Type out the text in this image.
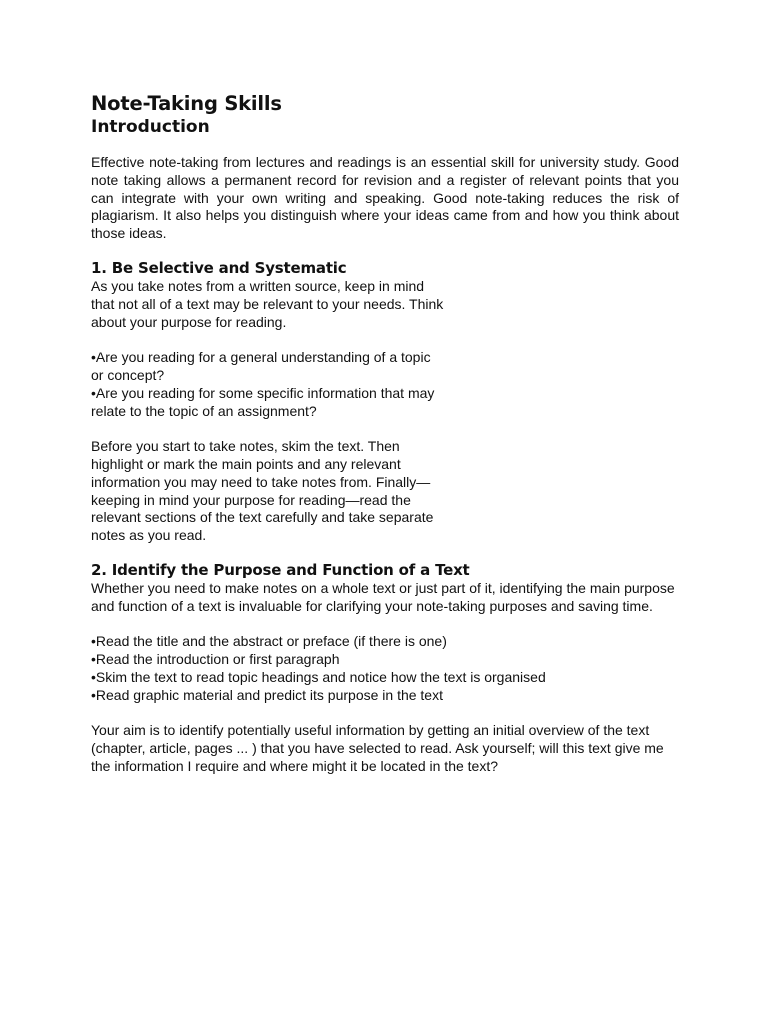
Note-Taking Skills
Introduction

Effective note-taking from lectures and readings is an essential skill for university study. Good note taking allows a permanent record for revision and a register of relevant points that you can integrate with your own writing and speaking. Good note-taking reduces the risk of plagiarism. It also helps you distinguish where your ideas came from and how you think about those ideas.

1. Be Selective and Systematic

As you take notes from a written source, keep in mind

that not all of a text may be relevant to your needs. Think

about your purpose for reading.

•Are you reading for a general understanding of a topic

or concept?

•Are you reading for some specific information that may

relate to the topic of an assignment?

Before you start to take notes, skim the text. Then

highlight or mark the main points and any relevant

information you may need to take notes from. Finally—

keeping in mind your purpose for reading—read the

relevant sections of the text carefully and take separate

notes as you read.

2. Identify the Purpose and Function of a Text

Whether you need to make notes on a whole text or just part of it, identifying the main purpose and function of a text is invaluable for clarifying your note-taking purposes and saving time.

•Read the title and the abstract or preface (if there is one)

•Read the introduction or first paragraph

•Skim the text to read topic headings and notice how the text is organised

•Read graphic material and predict its purpose in the text

Your aim is to identify potentially useful information by getting an initial overview of the text (chapter, article, pages ... ) that you have selected to read. Ask yourself; will this text give me the information I require and where might it be located in the text?
